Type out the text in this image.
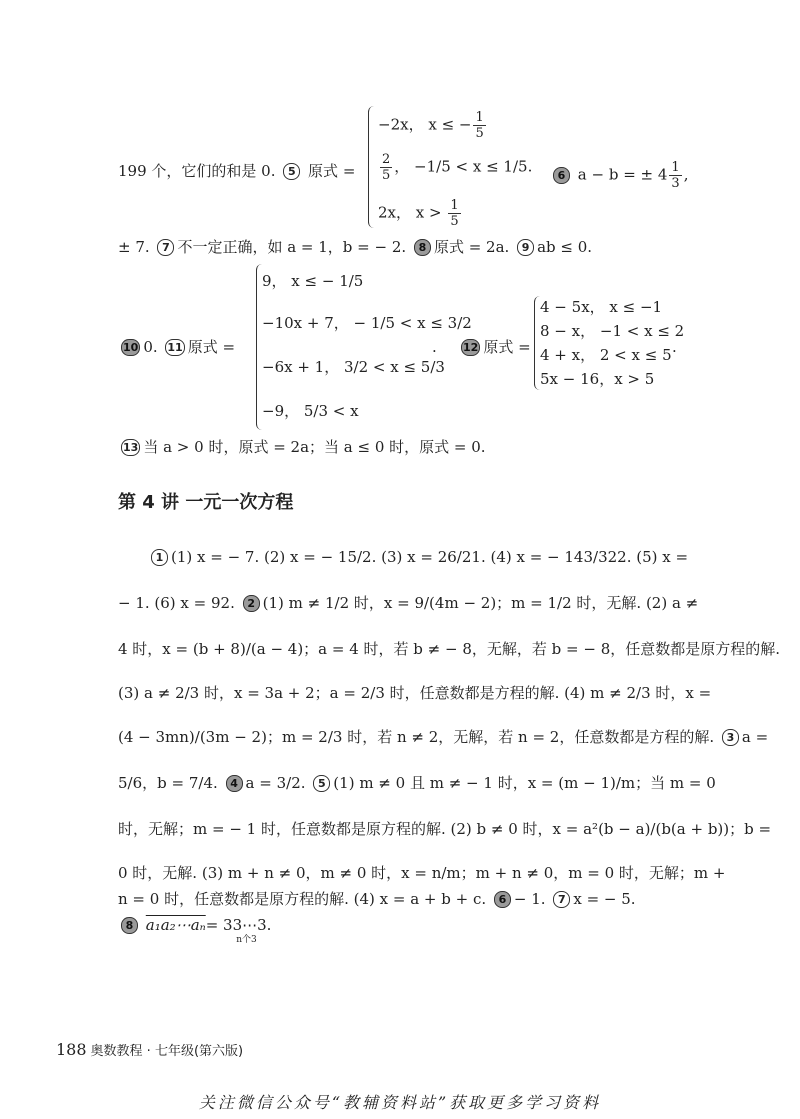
199 个，它们的和是 0. 5 原式 =
−2x， x ≤ − $\frac{1}{5}$
$\frac{2}{5}$ ， −1/5 < x ≤ 1/5.
2x， $x > \frac{1}{5}$
6 a − b = ± $4 \frac{1}{3}$ ,
± 7. 7 不一定正确，如 a = 1，b = − 2. 8 原式 = 2a. 9 ab ≤ 0.
10 0. 11 原式 =
9， x ≤ − 1/5
−10x + 7， − 1/5 < x ≤ 3/2
−6x + 1， 3/2 < x ≤ 5/3
−9， 5/3 < x
.	12 原式 =
4 − 5x， x ≤ −1
8 − x， −1 < x ≤ 2
4 + x， 2 < x ≤ 5
5x − 16，x > 5
.
13 当 a > 0 时，原式 = 2a；当 a ≤ 0 时，原式 = 0.
第 4 讲 一元一次方程
1 (1) x = − 7. (2) x = − 15/2. (3) x = 26/21. (4) x = − 143/322. (5) x =
− 1. (6) x = 92. 2 (1) m ≠ 1/2 时，x = 9/(4m − 2)；m = 1/2 时，无解. (2) a ≠
4 时，x = (b + 8)/(a − 4)；a = 4 时，若 b ≠ − 8，无解，若 b = − 8，任意数都是原方程的解.
(3) a ≠ 2/3 时，x = 3a + 2；a = 2/3 时，任意数都是方程的解. (4) m ≠ 2/3 时，x =
(4 − 3mn)/(3m − 2)；m = 2/3 时，若 n ≠ 2，无解，若 n = 2，任意数都是方程的解. 3 a =
5/6，b = 7/4. 4 a = 3/2. 5 (1) m ≠ 0 且 m ≠ − 1 时，x = (m − 1)/m；当 m = 0
时，无解；m = − 1 时，任意数都是原方程的解. (2) b ≠ 0 时，x = a²(b − a)/(b(a + b))；b =
0 时，无解. (3) m + n ≠ 0，m ≠ 0 时，x = n/m；m + n ≠ 0，m = 0 时，无解；m +
n = 0 时，任意数都是原方程的解. (4) x = a + b + c. 6 − 1. 7 x = − 5.
8 a₁a₂⋯aₙ= 33⋯3. $_{n个3}$
188 奥数教程 · 七年级(第六版)
关注微信公众号“教辅资料站”获取更多学习资料
